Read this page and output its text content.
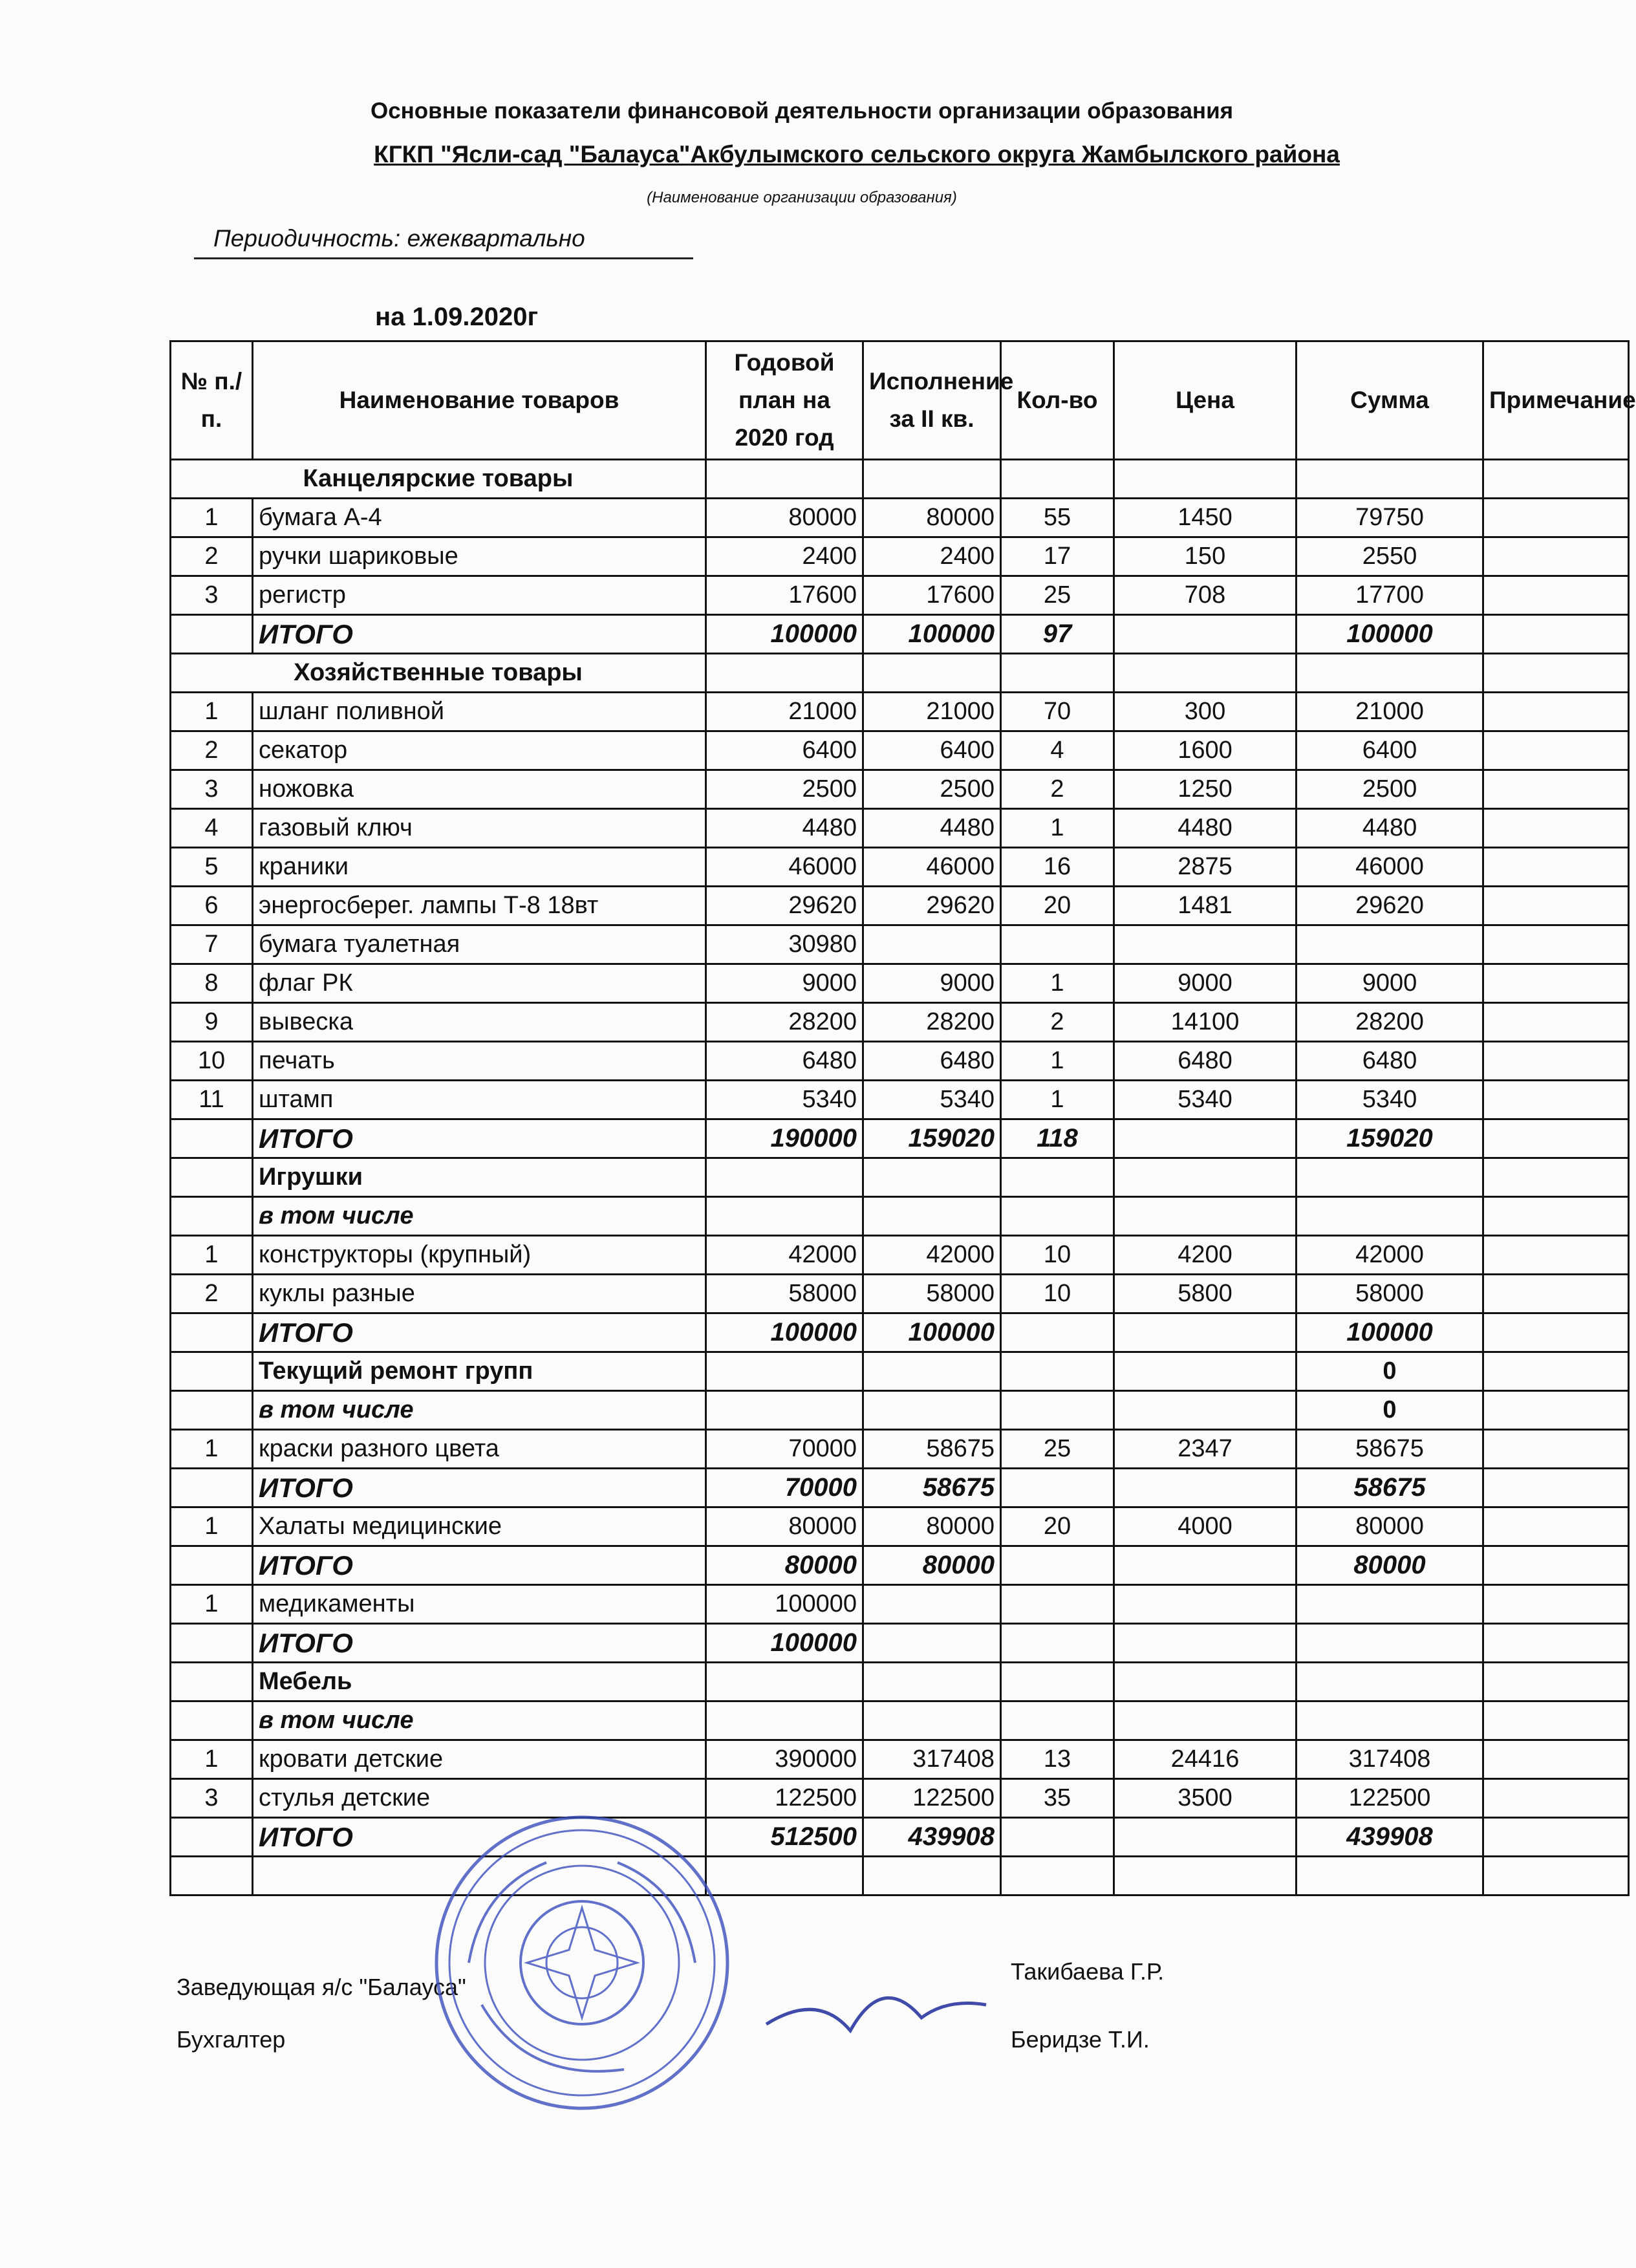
Основные показатели финансовой деятельности организации образования
КГКП "Ясли-сад "Балауса"Акбулымского сельского округа Жамбылского района
(Наименование организации образования)
Периодичность: ежеквартально
на 1.09.2020г
№ п./п.	Наименование товаров	Годовой план на 2020 год	Исполнение за II кв.	Кол-во	Цена	Сумма	Примечание
Канцелярские товары							
1	бумага А-4	80000	80000	55	1450	79750	
2	ручки шариковые	2400	2400	17	150	2550	
3	регистр	17600	17600	25	708	17700	
	ИТОГО	100000	100000	97		100000	
Хозяйственные товары							
1	шланг поливной	21000	21000	70	300	21000	
2	секатор	6400	6400	4	1600	6400	
3	ножовка	2500	2500	2	1250	2500	
4	газовый ключ	4480	4480	1	4480	4480	
5	краники	46000	46000	16	2875	46000	
6	энергосберег. лампы Т-8 18вт	29620	29620	20	1481	29620	
7	бумага туалетная	30980					
8	флаг РК	9000	9000	1	9000	9000	
9	вывеска	28200	28200	2	14100	28200	
10	печать	6480	6480	1	6480	6480	
11	штамп	5340	5340	1	5340	5340	
	ИТОГО	190000	159020	118		159020	
	Игрушки						
	в том числе						
1	конструкторы (крупный)	42000	42000	10	4200	42000	
2	куклы разные	58000	58000	10	5800	58000	
	ИТОГО	100000	100000			100000	
	Текущий ремонт групп					0	
	в том числе					0	
1	краски разного цвета	70000	58675	25	2347	58675	
	ИТОГО	70000	58675			58675	
1	Халаты медицинские	80000	80000	20	4000	80000	
	ИТОГО	80000	80000			80000	
1	медикаменты	100000					
	ИТОГО	100000					
	Мебель						
	в том числе						
1	кровати детские	390000	317408	13	24416	317408	
3	стулья детские	122500	122500	35	3500	122500	
	ИТОГО	512500	439908			439908	

Заведующая я/с "Балауса"
Такибаева Г.Р.
Бухгалтер	Беридзе Т.И.
